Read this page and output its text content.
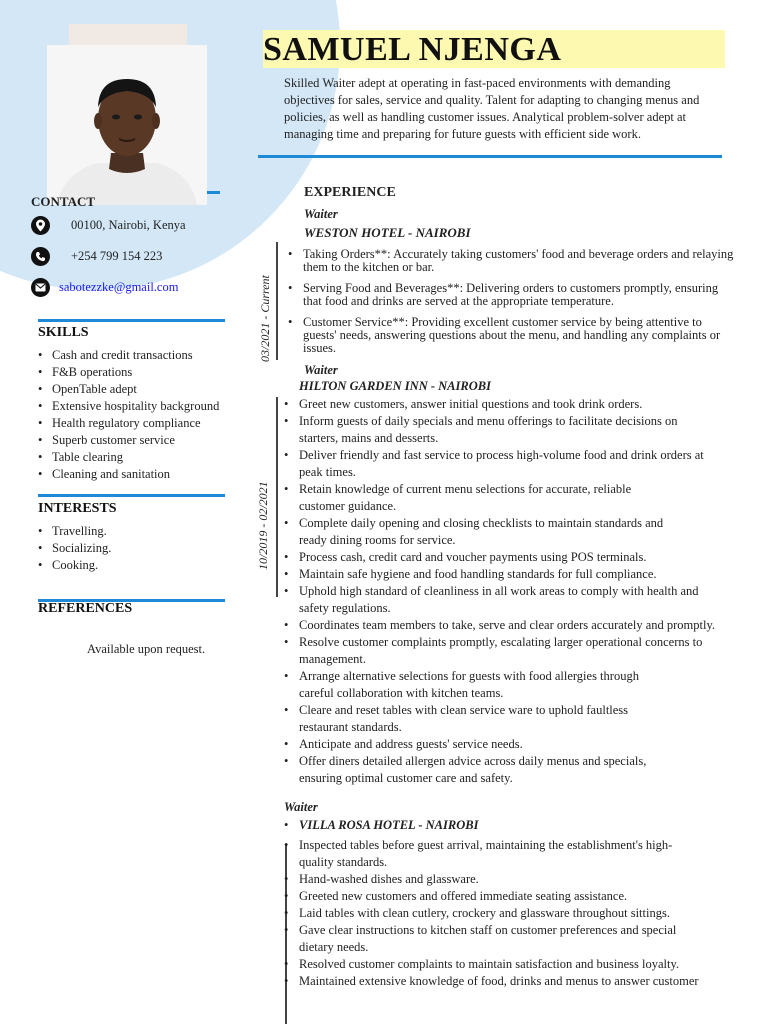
SAMUEL NJENGA
Skilled Waiter adept at operating in fast-paced environments with demanding objectives for sales, service and quality. Talent for adapting to changing menus and policies, as well as handling customer issues. Analytical problem-solver adept at managing time and preparing for future guests with efficient side work.
CONTACT
00100, Nairobi, Kenya
+254 799 154 223
sabotezzke@gmail.com
SKILLS
• Cash and credit transactions
• F&B operations
• OpenTable adept
• Extensive hospitality background
• Health regulatory compliance
• Superb customer service
• Table clearing
• Cleaning and sanitation
INTERESTS
• Travelling.
• Socializing.
• Cooking.
REFERENCES
Available upon request.
EXPERIENCE
Waiter
WESTON HOTEL - NAIROBI
03/2021 - Current
• Taking Orders**: Accurately taking customers' food and beverage orders and relaying them to the kitchen or bar.
• Serving Food and Beverages**: Delivering orders to customers promptly, ensuring that food and drinks are served at the appropriate temperature.
• Customer Service**: Providing excellent customer service by being attentive to guests' needs, answering questions about the menu, and handling any complaints or issues.
Waiter
HILTON GARDEN INN - NAIROBI
10/2019 - 02/2021
• Greet new customers, answer initial questions and took drink orders.
• Inform guests of daily specials and menu offerings to facilitate decisions on starters, mains and desserts.
• Deliver friendly and fast service to process high-volume food and drink orders at peak times.
• Retain knowledge of current menu selections for accurate, reliable customer guidance.
• Complete daily opening and closing checklists to maintain standards and ready dining rooms for service.
• Process cash, credit card and voucher payments using POS terminals.
• Maintain safe hygiene and food handling standards for full compliance.
• Uphold high standard of cleanliness in all work areas to comply with health and safety regulations.
• Coordinates team members to take, serve and clear orders accurately and promptly.
• Resolve customer complaints promptly, escalating larger operational concerns to management.
• Arrange alternative selections for guests with food allergies through careful collaboration with kitchen teams.
• Cleare and reset tables with clean service ware to uphold faultless restaurant standards.
• Anticipate and address guests' service needs.
• Offer diners detailed allergen advice across daily menus and specials, ensuring optimal customer care and safety.
Waiter
VILLA ROSA HOTEL - NAIROBI
•
• Inspected tables before guest arrival, maintaining the establishment's high-quality standards.
• Hand-washed dishes and glassware.
• Greeted new customers and offered immediate seating assistance.
• Laid tables with clean cutlery, crockery and glassware throughout sittings.
• Gave clear instructions to kitchen staff on customer preferences and special dietary needs.
• Resolved customer complaints to maintain satisfaction and business loyalty.
• Maintained extensive knowledge of food, drinks and menus to answer customer
